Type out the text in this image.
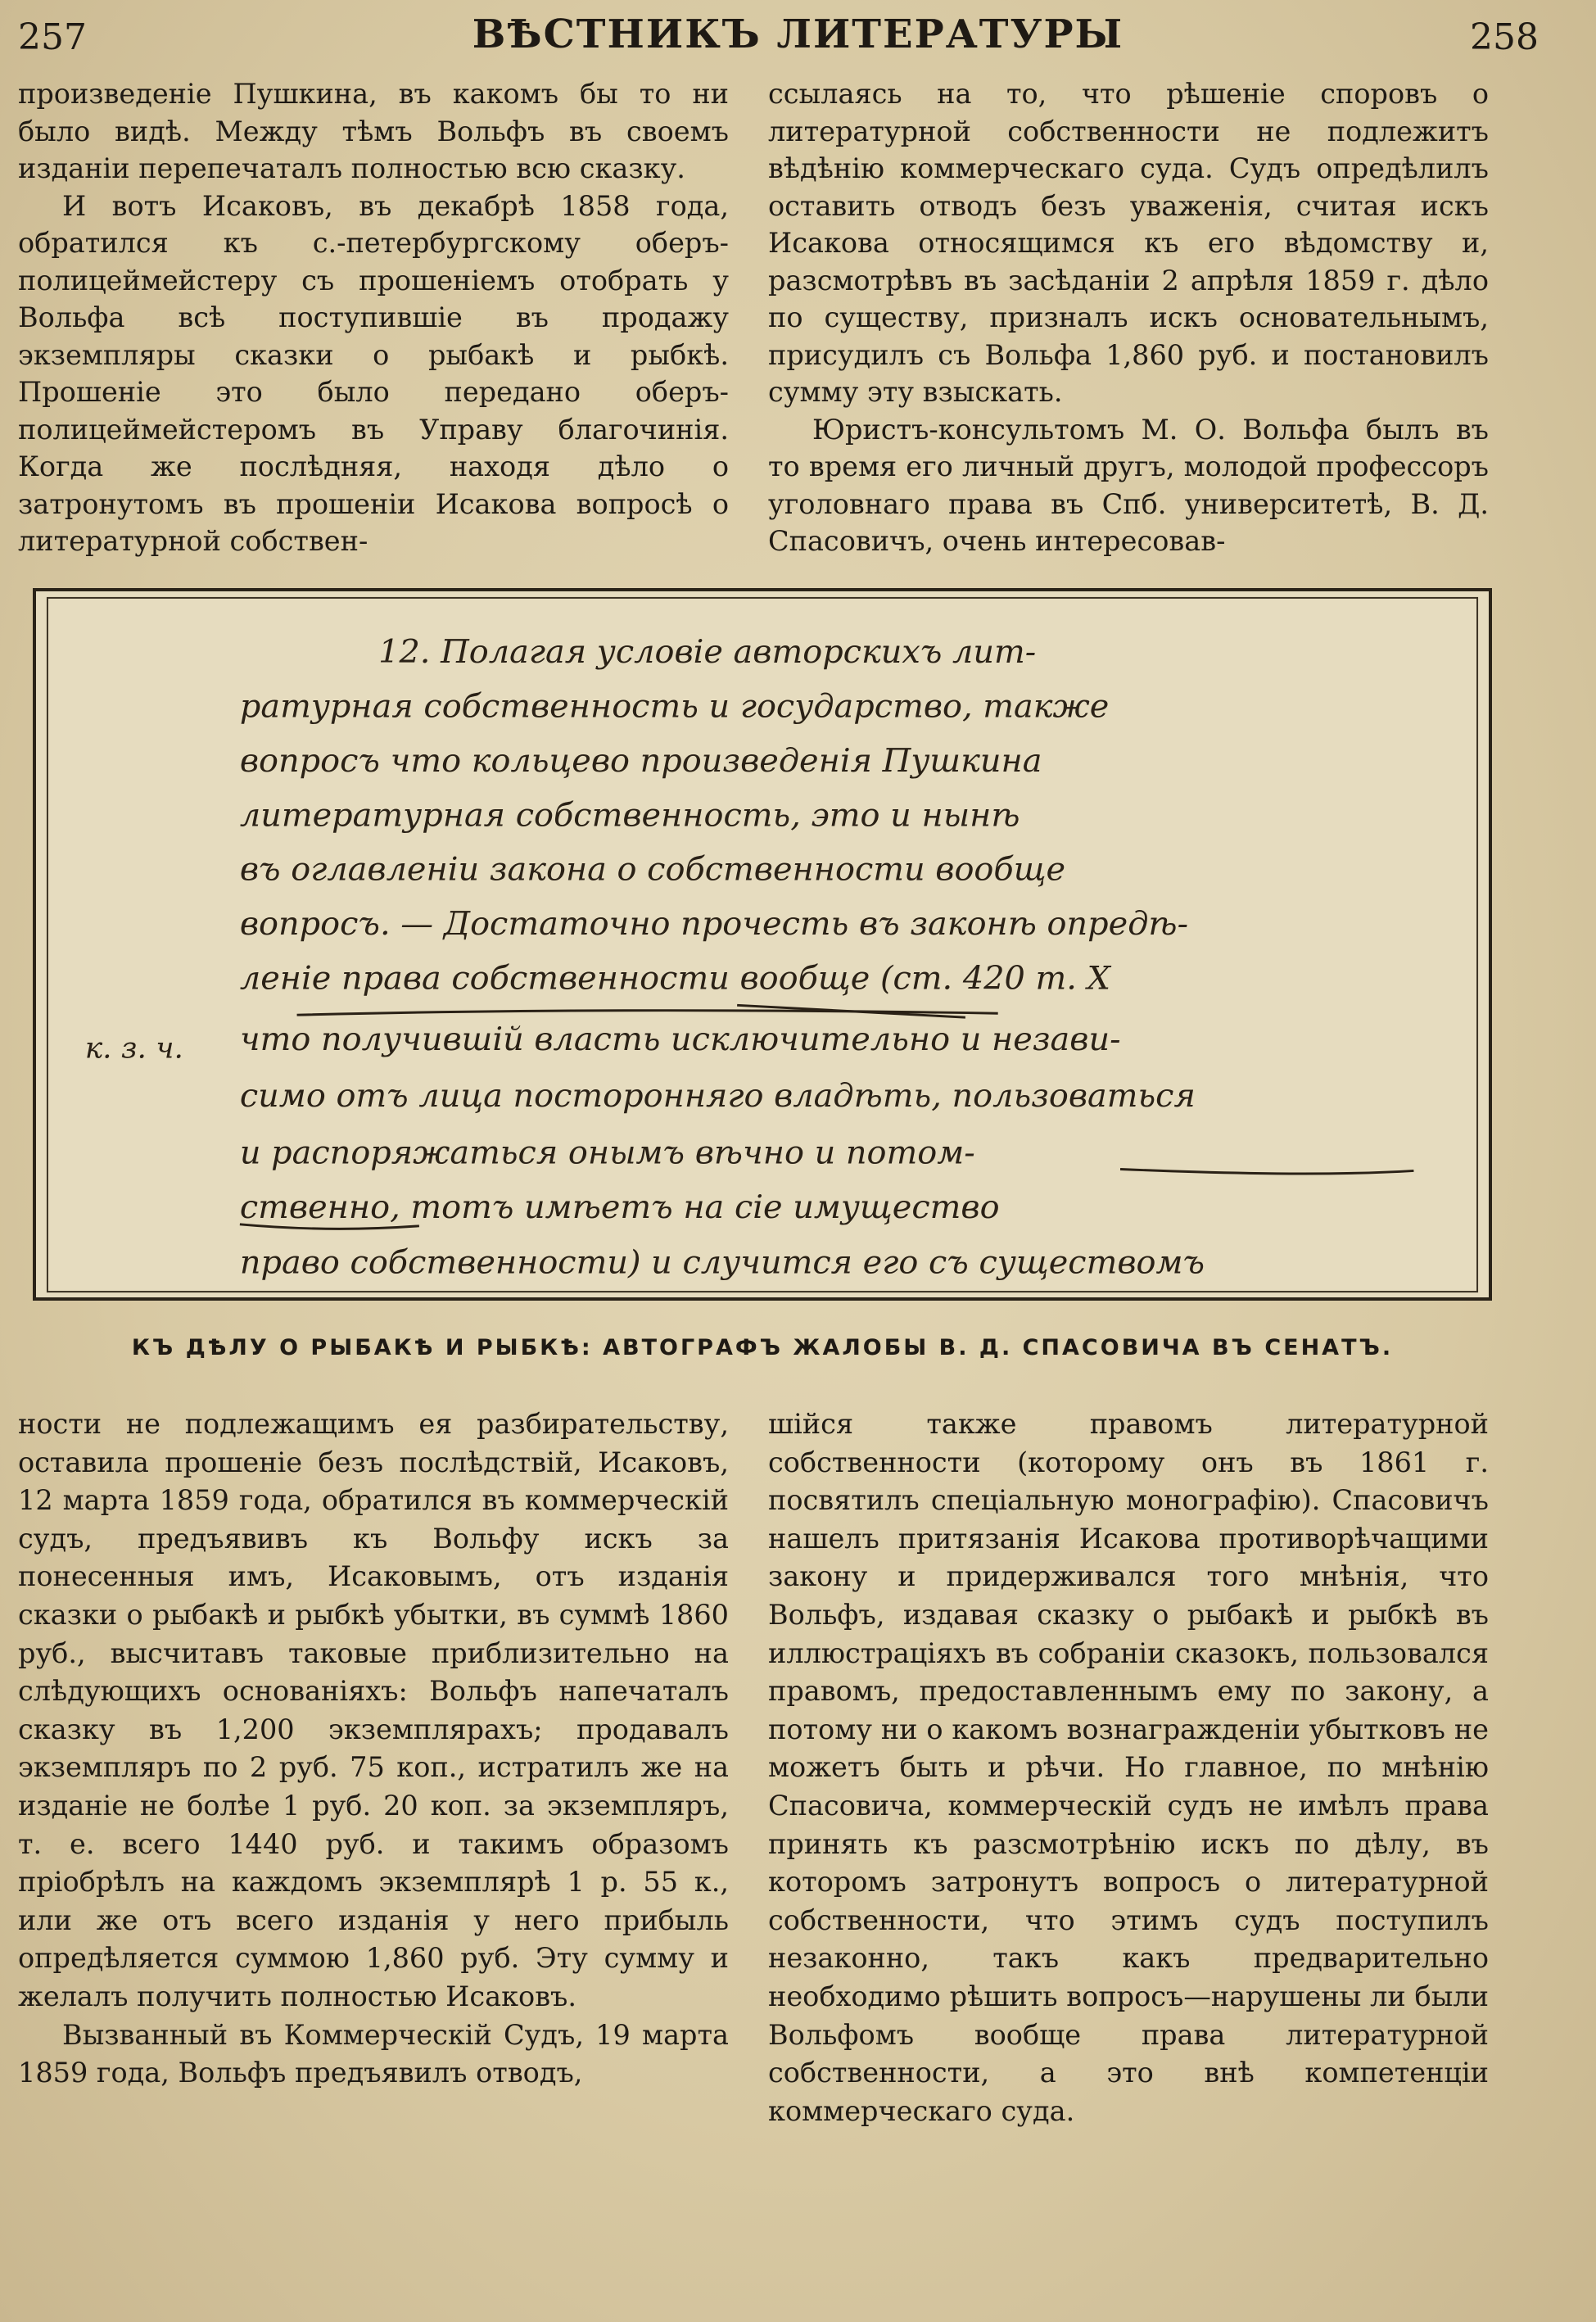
257	ВѢСТНИКЪ ЛИТЕРАТУРЫ	258

произведеніе Пушкина, въ какомъ бы то ни было видѣ. Между тѣмъ Вольфъ въ своемъ изданіи перепечаталъ полностью всю сказку.

И вотъ Исаковъ, въ декабрѣ 1858 года, обратился къ с.-петербургскому оберъ-полицеймейстеру съ прошеніемъ отобрать у Вольфа всѣ поступившіе въ продажу экземпляры сказки о рыбакѣ и рыбкѣ. Прошеніе это было передано оберъ-полицеймейстеромъ въ Управу благочинія. Когда же послѣдняя, находя дѣло о затронутомъ въ прошеніи Исакова вопросѣ о литературной собствен-

ссылаясь на то, что рѣшеніе споровъ о литературной собственности не подлежитъ вѣдѣнію коммерческаго суда. Судъ опредѣлилъ оставить отводъ безъ уваженія, считая искъ Исакова относящимся къ его вѣдомству и, разсмотрѣвъ въ засѣданіи 2 апрѣля 1859 г. дѣло по существу, призналъ искъ основательнымъ, присудилъ съ Вольфа 1,860 руб. и постановилъ сумму эту взыскать.

Юристъ-консультомъ М. О. Вольфа былъ въ то время его личный другъ, молодой профессоръ уголовнаго права въ Спб. университетѣ, В. Д. Спасовичъ, очень интересовав-

к. з. ч.
12. Полагая условіе авторскихъ лит-
ратурная собственность и государство, также
вопросъ что кольцево произведенія Пушкина
литературная собственность, это и нынѣ
въ оглавленіи закона о собственности вообще
вопросъ. — Достаточно прочесть въ законѣ опредѣ-
леніе права собственности вообще (ст. 420 т. X
что получившій власть исключительно и незави-
симо отъ лица посторонняго владѣть, пользоваться
и распоряжаться онымъ вѣчно и потом-
ственно, тотъ имѣетъ на сіе имущество
право собственности) и случится его съ существомъ
КЪ ДѢЛУ О РЫБАКѢ И РЫБКѢ: АВТОГРАФЪ ЖАЛОБЫ В. Д. СПАСОВИЧА ВЪ СЕНАТЪ.

ности не подлежащимъ ея разбирательству, оставила прошеніе безъ послѣдствій, Исаковъ, 12 марта 1859 года, обратился въ коммерческій судъ, предъявивъ къ Вольфу искъ за понесенныя имъ, Исаковымъ, отъ изданія сказки о рыбакѣ и рыбкѣ убытки, въ суммѣ 1860 руб., высчитавъ таковые приблизительно на слѣдующихъ основаніяхъ: Вольфъ напечаталъ сказку въ 1,200 экземплярахъ; продавалъ экземпляръ по 2 руб. 75 коп., истратилъ же на изданіе не болѣе 1 руб. 20 коп. за экземпляръ, т. е. всего 1440 руб. и такимъ образомъ пріобрѣлъ на каждомъ экземплярѣ 1 р. 55 к., или же отъ всего изданія у него прибыль опредѣляется суммою 1,860 руб. Эту сумму и желалъ получить полностью Исаковъ.

Вызванный въ Коммерческій Судъ, 19 марта 1859 года, Вольфъ предъявилъ отводъ,

шійся также правомъ литературной собственности (которому онъ въ 1861 г. посвятилъ спеціальную монографію). Спасовичъ нашелъ притязанія Исакова противорѣчащими закону и придерживался того мнѣнія, что Вольфъ, издавая сказку о рыбакѣ и рыбкѣ въ иллюстраціяхъ въ собраніи сказокъ, пользовался правомъ, предоставленнымъ ему по закону, а потому ни о какомъ вознагражденіи убытковъ не можетъ быть и рѣчи. Но главное, по мнѣнію Спасовича, коммерческій судъ не имѣлъ права принять къ разсмотрѣнію искъ по дѣлу, въ которомъ затронутъ вопросъ о литературной собственности, что этимъ судъ поступилъ незаконно, такъ какъ предварительно необходимо рѣшить вопросъ—нарушены ли были Вольфомъ вообще права литературной собственности, а это внѣ компетенціи коммерческаго суда.
